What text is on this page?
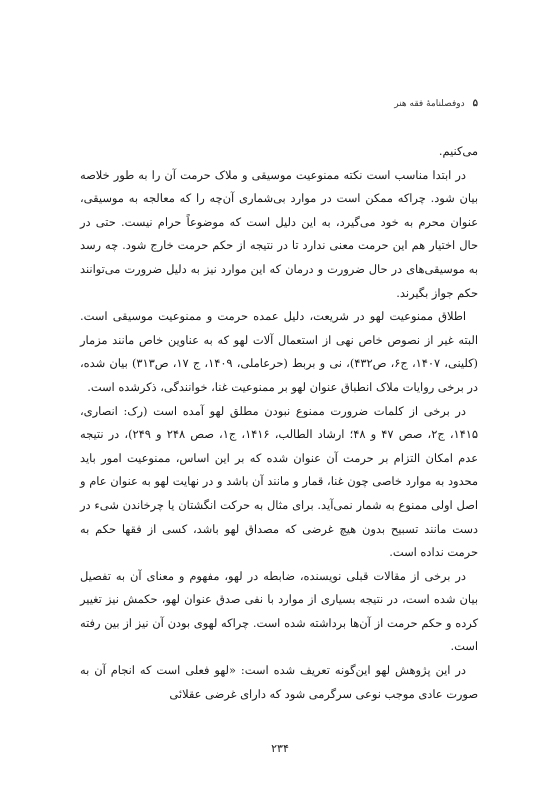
۵
دوفصلنامهٔ فقه هنر

می‌کنیم.

در ابتدا مناسب است نکته ممنوعیت موسیقی و ملاک حرمت آن را به طور خلاصه بیان شود. چراکه ممکن است در موارد بی‌شماری آن‌چه را که معالجه به موسیقی، عنوان محرم به خود می‌گیرد، به این دلیل است که موضوعاً حرام نیست. حتی در حال اختیار هم این حرمت معنی ندارد تا در نتیجه از حکم حرمت خارج شود. چه رسد به موسیقی‌های در حال ضرورت و درمان که این موارد نیز به دلیل ضرورت می‌توانند حکم جواز بگیرند.

اطلاق ممنوعیت لهو در شریعت، دلیل عمده حرمت و ممنوعیت موسیقی است. البته غیر از نصوص خاص نهی از استعمال آلات لهو که به عناوین خاص مانند مزمار (کلینی، ۱۴۰۷، ج۶، ص۴۳۲)، نی و بربط (حرعاملی، ۱۴۰۹، ج ۱۷، ص۳۱۳) بیان شده، در برخی روایات ملاک انطباق عنوان لهو بر ممنوعیت غنا، خوانندگی، ذکرشده است.

در برخی از کلمات ضرورت ممنوع نبودن مطلق لهو آمده است (رک: انصاری، ۱۴۱۵، ج۲، صص ۴۷ و ۴۸؛ ارشاد الطالب، ۱۴۱۶، ج۱، صص ۲۴۸ و ۲۴۹)، در نتیجه عدم امکان التزام بر حرمت آن عنوان شده که بر این اساس، ممنوعیت امور باید محدود به موارد خاصی چون غنا، قمار و مانند آن باشد و در نهایت لهو به عنوان عام و اصل اولی ممنوع به شمار نمی‌آید. برای مثال به حرکت انگشتان یا چرخاندن شیء در دست مانند تسبیح بدون هیچ غرضی که مصداق لهو باشد، کسی از فقها حکم به حرمت نداده است.

در برخی از مقالات قبلی نویسنده، ضابطه در لهو، مفهوم و معنای آن به تفصیل بیان شده است، در نتیجه بسیاری از موارد با نفی صدق عنوان لهو، حکمش نیز تغییر کرده و حکم حرمت از آن‌ها برداشته شده است. چراکه لهوی بودن آن نیز از بین رفته است.

در این پژوهش لهو این‌گونه تعریف شده است: «لهو فعلی است که انجام آن به صورت عادی موجب نوعی سرگرمی شود که دارای غرضی عقلائی

۲۳۴
